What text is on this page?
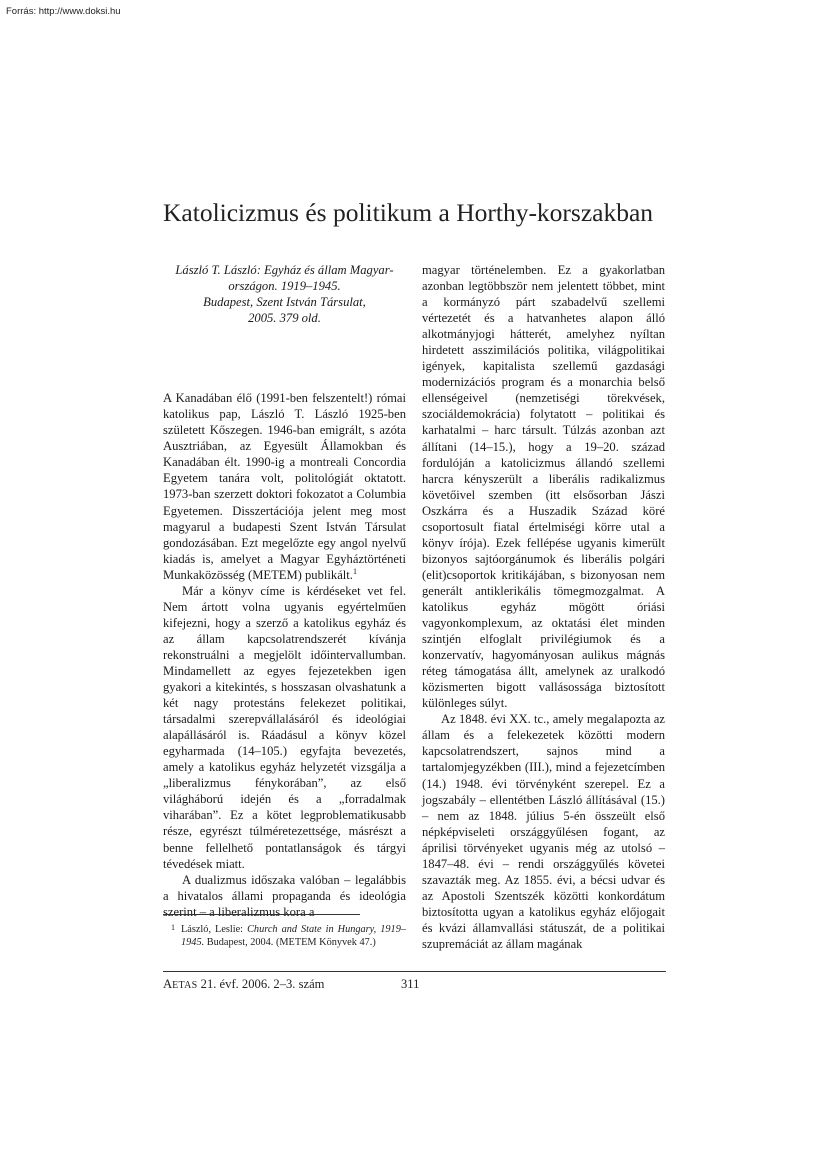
Forrás: http://www.doksi.hu
Katolicizmus és politikum a Horthy-korszakban
László T. László: Egyház és állam Magyar-
országon. 1919–1945.
Budapest, Szent István Társulat,
2005. 379 old.

A Kanadában élő (1991-ben felszentelt!) római katolikus pap, László T. László 1925-ben született Kőszegen. 1946-ban emigrált, s azóta Ausztriában, az Egyesült Államokban és Kanadában élt. 1990-ig a montreali Concordia Egyetem tanára volt, politológiát oktatott. 1973-ban szerzett doktori fokozatot a Columbia Egyetemen. Disszertációja jelent meg most magyarul a budapesti Szent István Társulat gondozásában. Ezt megelőzte egy angol nyelvű kiadás is, amelyet a Magyar Egyháztörténeti Munkaközösség (METEM) publikált.$^1$

Már a könyv címe is kérdéseket vet fel. Nem ártott volna ugyanis egyértelműen kifejezni, hogy a szerző a katolikus egyház és az állam kapcsolatrendszerét kívánja rekonstruálni a megjelölt időintervallumban. Mindamellett az egyes fejezetekben igen gyakori a kitekintés, s hosszasan olvashatunk a két nagy protestáns felekezet politikai, társadalmi szerepvállalásáról és ideológiai alapállásáról is. Ráadásul a könyv közel egyharmada (14–105.) egyfajta bevezetés, amely a katolikus egyház helyzetét vizsgálja a „liberalizmus fénykorában”, az első világháború idején és a „forradalmak viharában”. Ez a kötet legproblematikusabb része, egyrészt túlméretezettsége, másrészt a benne fellelhető pontatlanságok és tárgyi tévedések miatt.

A dualizmus időszaka valóban – legalábbis a hivatalos állami propaganda és ideológia szerint – a liberalizmus kora a

magyar történelemben. Ez a gyakorlatban azonban legtöbbször nem jelentett többet, mint a kormányzó párt szabadelvű szellemi vértezetét és a hatvanhetes alapon álló alkotmányjogi hátterét, amelyhez nyíltan hirdetett asszimilációs politika, világpolitikai igények, kapitalista szellemű gazdasági modernizációs program és a monarchia belső ellenségeivel (nemzetiségi törekvések, szociáldemokrácia) folytatott – politikai és karhatalmi – harc társult. Túlzás azonban azt állítani (14–15.), hogy a 19–20. század fordulóján a katolicizmus állandó szellemi harcra kényszerült a liberális radikalizmus követőivel szemben (itt elsősorban Jászi Oszkárra és a Huszadik Század köré csoportosult fiatal értelmiségi körre utal a könyv írója). Ezek fellépése ugyanis kimerült bizonyos sajtóorgánumok és liberális polgári (elit)csoportok kritikájában, s bizonyosan nem generált antiklerikális tömegmozgalmat. A katolikus egyház mögött óriási vagyonkomplexum, az oktatási élet minden szintjén elfoglalt privilégiumok és a konzervatív, hagyományosan aulikus mágnás réteg támogatása állt, amelynek az uralkodó közismerten bigott vallásossága biztosított különleges súlyt.

Az 1848. évi XX. tc., amely megalapozta az állam és a felekezetek közötti modern kapcsolatrendszert, sajnos mind a tartalomjegyzékben (III.), mind a fejezetcímben (14.) 1948. évi törvényként szerepel. Ez a jogszabály – ellentétben László állításával (15.) – nem az 1848. július 5-én összeült első népképviseleti országgyűlésen fogant, az áprilisi törvényeket ugyanis még az utolsó – 1847–48. évi – rendi országgyűlés követei szavazták meg. Az 1855. évi, a bécsi udvar és az Apostoli Szentszék közötti konkordátum biztosította ugyan a katolikus egyház előjogait és kvázi államvallási státuszát, de a politikai szupremáciát az állam magának

1 László, Leslie: Church and State in Hungary, 1919–1945. Budapest, 2004. (METEM Könyvek 47.)
AETAS 21. évf. 2006. 2–3. szám	311
